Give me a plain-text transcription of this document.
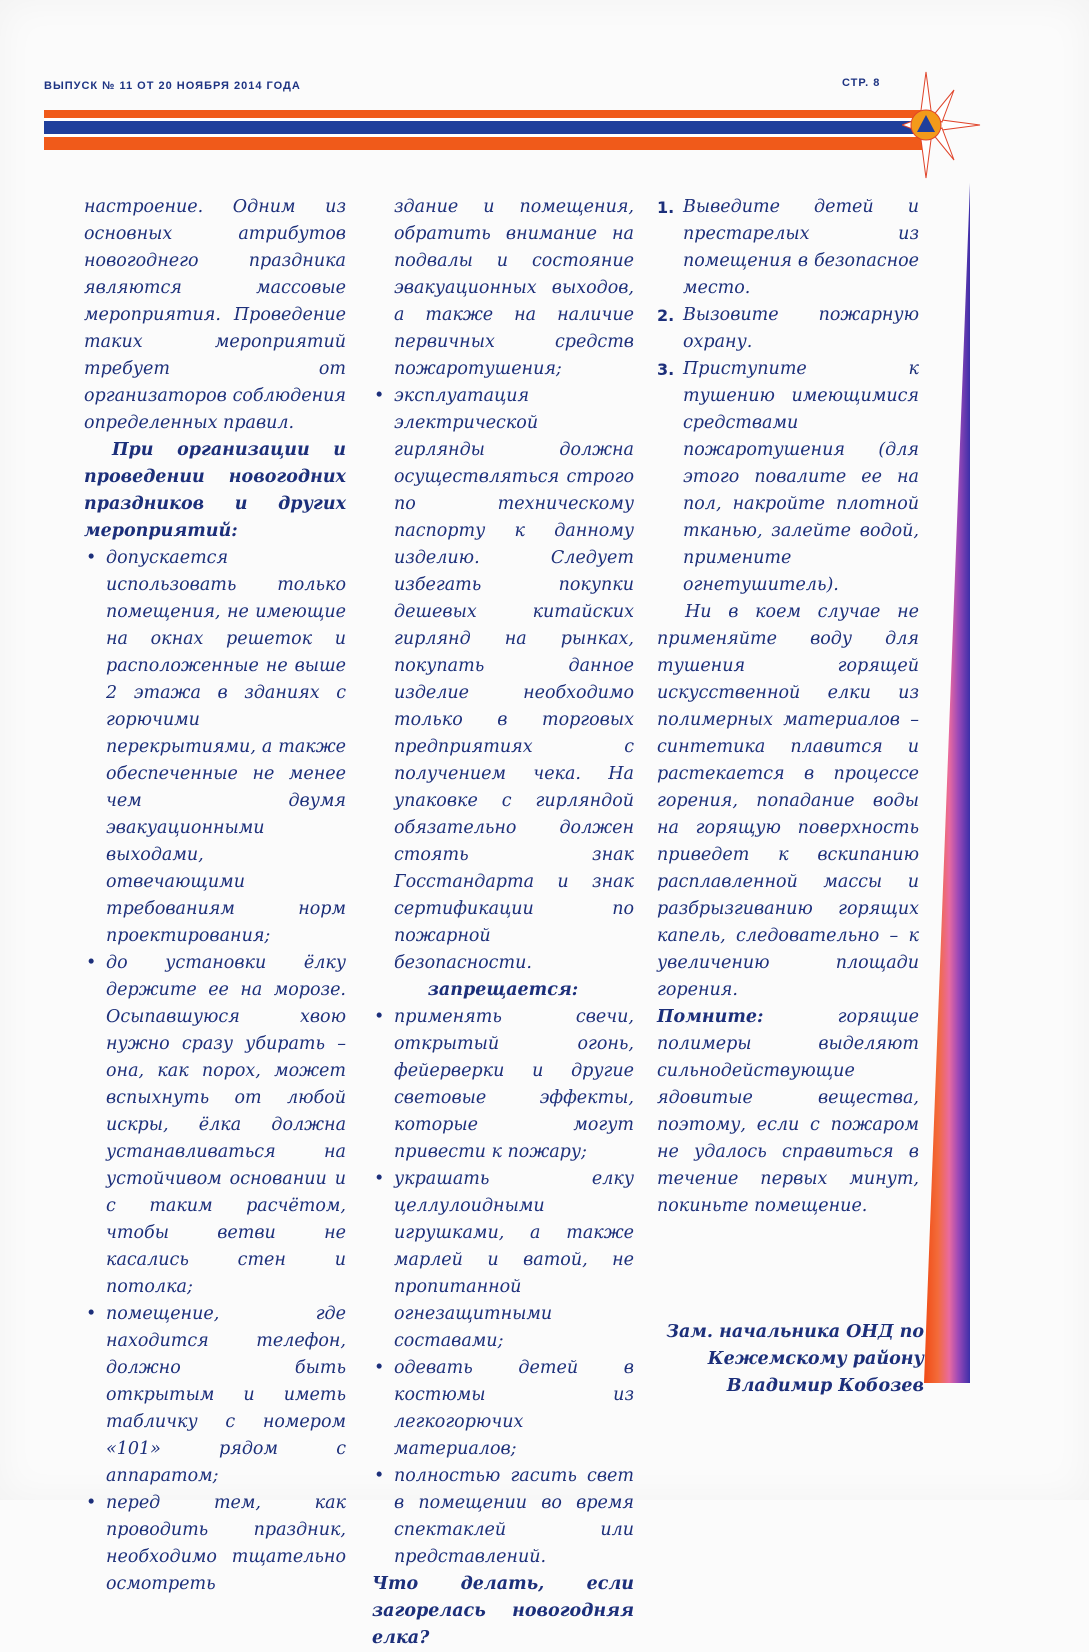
ВЫПУСК № 11 ОТ 20 НОЯБРЯ 2014 ГОДА	СТР. 8

настроение. Одним из основных атрибутов новогоднего праздника являются массовые мероприятия. Проведение таких мероприятий требует от организаторов соблюдения определенных правил.

При организации и проведении новогодних праздников и других мероприятий:

• допускается использовать только помещения, не имеющие на окнах решеток и расположенные не выше 2 этажа в зданиях с горючими перекрытиями, а также обеспеченные не менее чем двумя эвакуационными выходами, отвечающими требованиям норм проектирования;
• до установки ёлку держите ее на морозе. Осыпавшуюся хвою нужно сразу убирать – она, как порох, может вспыхнуть от любой искры, ёлка должна устанавливаться на устойчивом основании и с таким расчётом, чтобы ветви не касались стен и потолка;
• помещение, где находится телефон, должно быть открытым и иметь табличку с номером «101» рядом с аппаратом;
• перед тем, как проводить праздник, необходимо тщательно осмотреть

здание и помещения, обратить внимание на подвалы и состояние эвакуационных выходов, а также на наличие первичных средств пожаротушения;

• эксплуатация электрической гирлянды должна осуществляться строго по техническому паспорту к данному изделию. Следует избегать покупки дешевых китайских гирлянд на рынках, покупать данное изделие необходимо только в торговых предприятиях с получением чека. На упаковке с гирляндой обязательно должен стоять знак Госстандарта и знак сертификации по пожарной безопасности.

запрещается:

• применять свечи, открытый огонь, фейерверки и другие световые эффекты, которые могут привести к пожару;
• украшать елку целлулоидными игрушками, а также марлей и ватой, не пропитанной огнезащитными составами;
• одевать детей в костюмы из легкогорючих материалов;
• полностью гасить свет в помещении во время спектаклей или представлений.

Что делать, если загорелась новогодняя елка?

1. Выведите детей и престарелых из помещения в безопасное место.
2. Вызовите пожарную охрану.
3. Приступите к тушению имеющимися средствами пожаротушения (для этого повалите ее на пол, накройте плотной тканью, залейте водой, примените огнетушитель).

Ни в коем случае не применяйте воду для тушения горящей искусственной елки из полимерных материалов – синтетика плавится и растекается в процессе горения, попадание воды на горящую поверхность приведет к вскипанию расплавленной массы и разбрызгиванию горящих капель, следовательно – к увеличению площади горения.

Помните:	горящие полимеры выделяют сильнодействующие ядовитые вещества, поэтому, если с пожаром не удалось справиться в течение первых минут, покиньте помещение.

Зам. начальника ОНД по
Кежемскому району
Владимир Кобозев
